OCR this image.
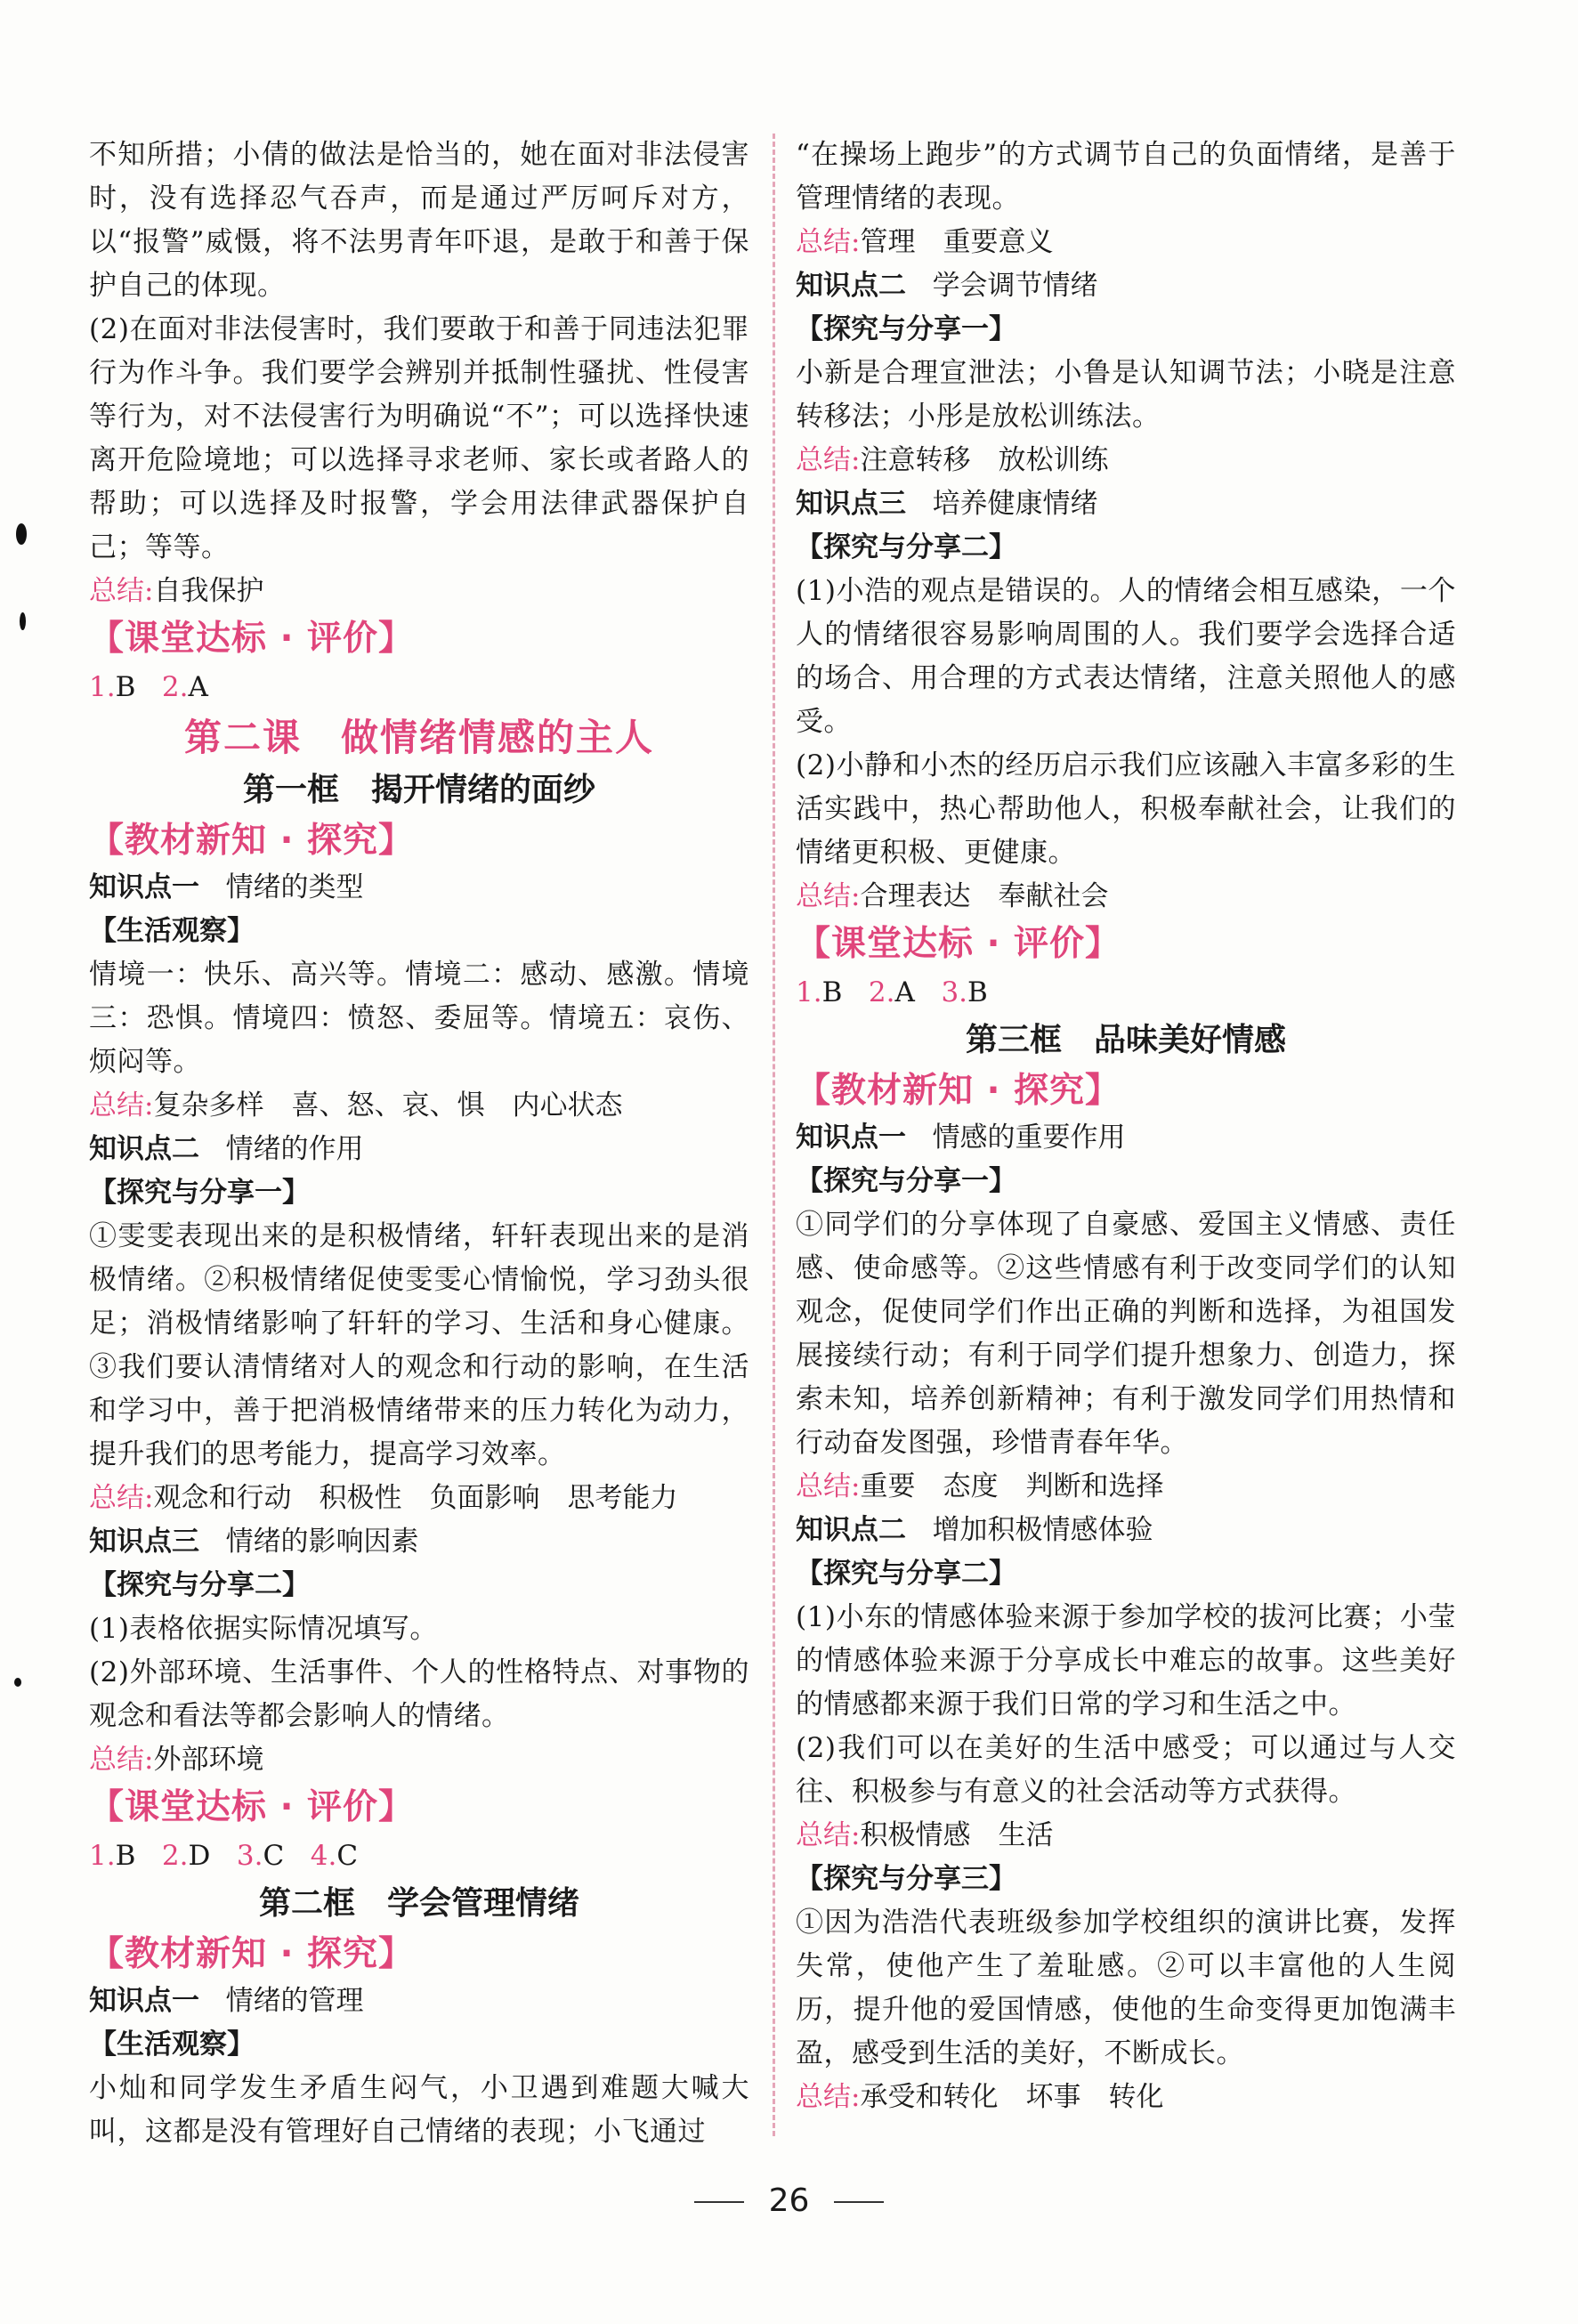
不知所措；小倩的做法是恰当的，她在面对非法侵害时，没有选择忍气吞声，而是通过严厉呵斥对方，以“报警”威慑，将不法男青年吓退，是敢于和善于保护自己的体现。
(2)在面对非法侵害时，我们要敢于和善于同违法犯罪行为作斗争。我们要学会辨别并抵制性骚扰、性侵害等行为，对不法侵害行为明确说“不”；可以选择快速离开危险境地；可以选择寻求老师、家长或者路人的帮助；可以选择及时报警，学会用法律武器保护自己；等等。
总结:自我保护
【课堂达标 · 评价】
1.B 2.A
第二课　做情绪情感的主人
第一框　揭开情绪的面纱
【教材新知 · 探究】
知识点一 情绪的类型
【生活观察】
情境一：快乐、高兴等。情境二：感动、感激。情境三：恐惧。情境四：愤怒、委屈等。情境五：哀伤、烦闷等。
总结:复杂多样　喜、怒、哀、惧　内心状态
知识点二 情绪的作用
【探究与分享一】
①雯雯表现出来的是积极情绪，轩轩表现出来的是消极情绪。②积极情绪促使雯雯心情愉悦，学习劲头很足；消极情绪影响了轩轩的学习、生活和身心健康。③我们要认清情绪对人的观念和行动的影响，在生活和学习中，善于把消极情绪带来的压力转化为动力，提升我们的思考能力，提高学习效率。
总结:观念和行动　积极性　负面影响　思考能力
知识点三 情绪的影响因素
【探究与分享二】
(1)表格依据实际情况填写。
(2)外部环境、生活事件、个人的性格特点、对事物的观念和看法等都会影响人的情绪。
总结:外部环境
【课堂达标 · 评价】
1.B 2.D 3.C 4.C
第二框　学会管理情绪
【教材新知 · 探究】
知识点一 情绪的管理
【生活观察】
小灿和同学发生矛盾生闷气，小卫遇到难题大喊大叫，这都是没有管理好自己情绪的表现；小飞通过
“在操场上跑步”的方式调节自己的负面情绪，是善于管理情绪的表现。
总结:管理　重要意义
知识点二 学会调节情绪
【探究与分享一】
小新是合理宣泄法；小鲁是认知调节法；小晓是注意转移法；小彤是放松训练法。
总结:注意转移　放松训练
知识点三 培养健康情绪
【探究与分享二】
(1)小浩的观点是错误的。人的情绪会相互感染，一个人的情绪很容易影响周围的人。我们要学会选择合适的场合、用合理的方式表达情绪，注意关照他人的感受。
(2)小静和小杰的经历启示我们应该融入丰富多彩的生活实践中，热心帮助他人，积极奉献社会，让我们的情绪更积极、更健康。
总结:合理表达　奉献社会
【课堂达标 · 评价】
1.B 2.A 3.B
第三框　品味美好情感
【教材新知 · 探究】
知识点一 情感的重要作用
【探究与分享一】
①同学们的分享体现了自豪感、爱国主义情感、责任感、使命感等。②这些情感有利于改变同学们的认知观念，促使同学们作出正确的判断和选择，为祖国发展接续行动；有利于同学们提升想象力、创造力，探索未知，培养创新精神；有利于激发同学们用热情和行动奋发图强，珍惜青春年华。
总结:重要　态度　判断和选择
知识点二 增加积极情感体验
【探究与分享二】
(1)小东的情感体验来源于参加学校的拔河比赛；小莹的情感体验来源于分享成长中难忘的故事。这些美好的情感都来源于我们日常的学习和生活之中。
(2)我们可以在美好的生活中感受；可以通过与人交往、积极参与有意义的社会活动等方式获得。
总结:积极情感　生活
【探究与分享三】
①因为浩浩代表班级参加学校组织的演讲比赛，发挥失常，使他产生了羞耻感。②可以丰富他的人生阅历，提升他的爱国情感，使他的生命变得更加饱满丰盈，感受到生活的美好，不断成长。
总结:承受和转化　坏事　转化
26
